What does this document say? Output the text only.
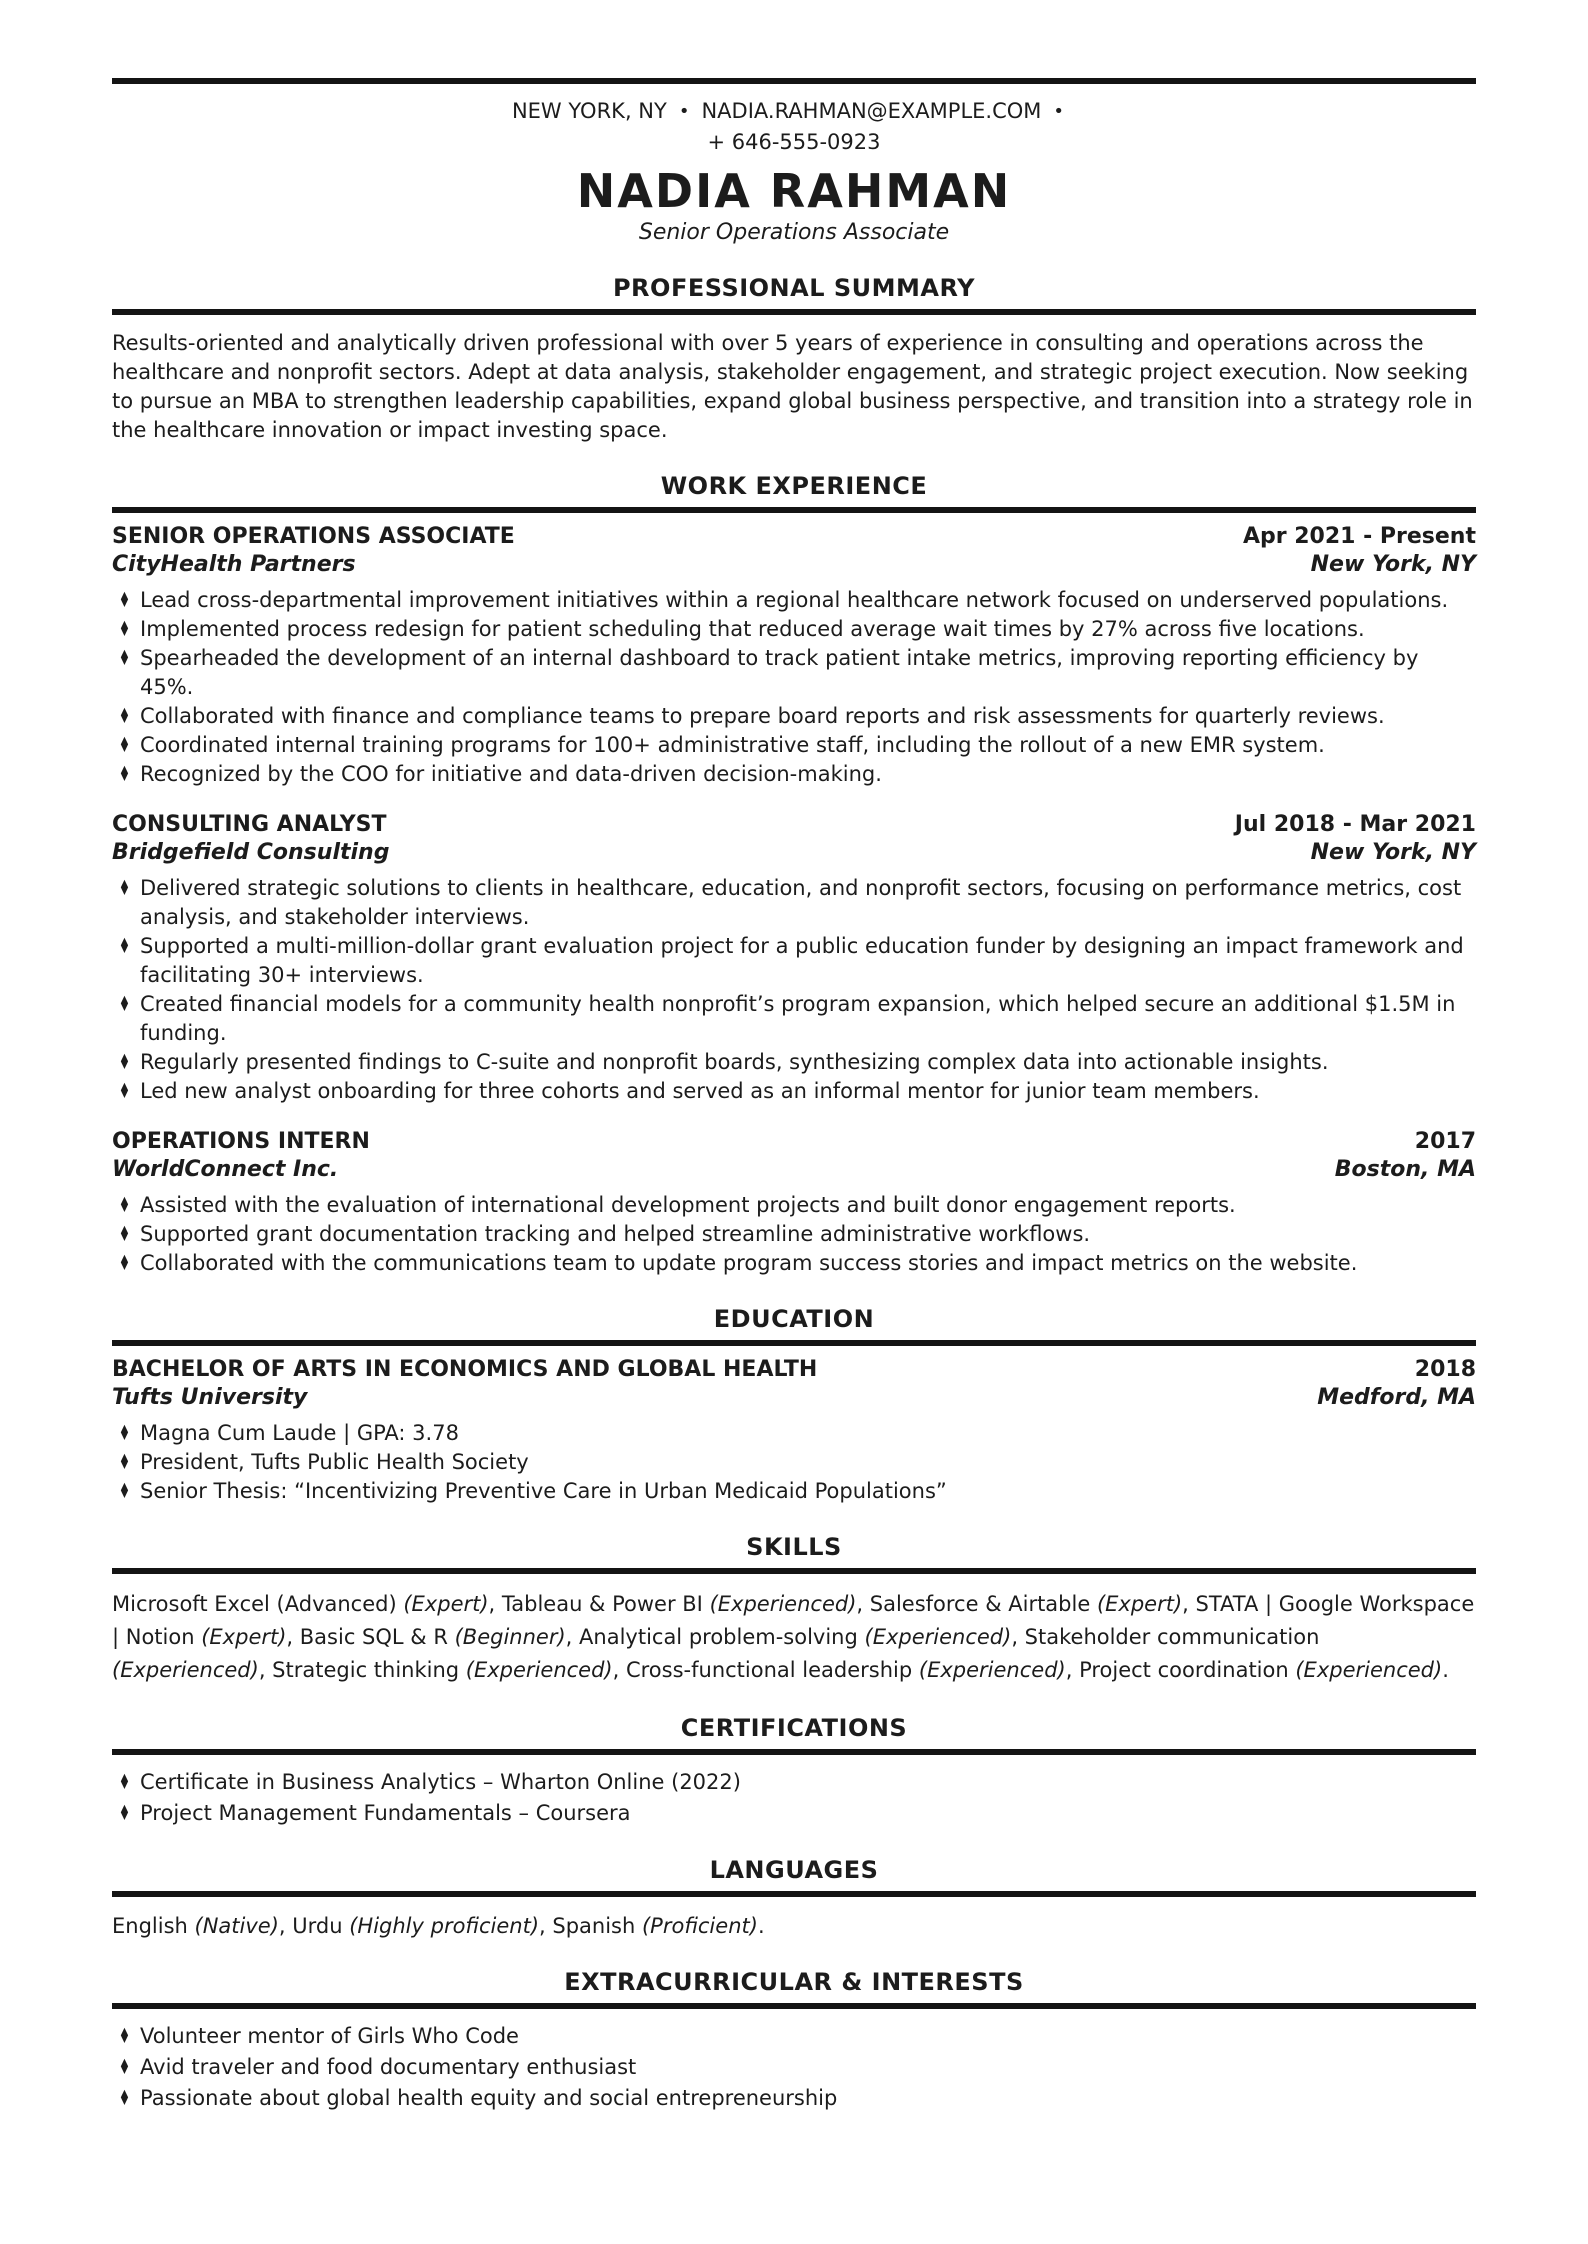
NEW YORK, NY • NADIA.RAHMAN@EXAMPLE.COM •
+ 646-555-0923
NADIA RAHMAN
Senior Operations Associate
PROFESSIONAL SUMMARY

Results-oriented and analytically driven professional with over 5 years of experience in consulting and operations across the healthcare and nonprofit sectors. Adept at data analysis, stakeholder engagement, and strategic project execution. Now seeking to pursue an MBA to strengthen leadership capabilities, expand global business perspective, and transition into a strategy role in the healthcare innovation or impact investing space.

WORK EXPERIENCE
SENIOR OPERATIONS ASSOCIATE	Apr 2021 - Present
CityHealth Partners	New York, NY
♦ Lead cross-departmental improvement initiatives within a regional healthcare network focused on underserved populations.
♦ Implemented process redesign for patient scheduling that reduced average wait times by 27% across five locations.
♦ Spearheaded the development of an internal dashboard to track patient intake metrics, improving reporting efficiency by 45%.
♦ Collaborated with finance and compliance teams to prepare board reports and risk assessments for quarterly reviews.
♦ Coordinated internal training programs for 100+ administrative staff, including the rollout of a new EMR system.
♦ Recognized by the COO for initiative and data-driven decision-making.
CONSULTING ANALYST	Jul 2018 - Mar 2021
Bridgefield Consulting	New York, NY
♦ Delivered strategic solutions to clients in healthcare, education, and nonprofit sectors, focusing on performance metrics, cost analysis, and stakeholder interviews.
♦ Supported a multi-million-dollar grant evaluation project for a public education funder by designing an impact framework and facilitating 30+ interviews.
♦ Created financial models for a community health nonprofit’s program expansion, which helped secure an additional $1.5M in funding.
♦ Regularly presented findings to C-suite and nonprofit boards, synthesizing complex data into actionable insights.
♦ Led new analyst onboarding for three cohorts and served as an informal mentor for junior team members.
OPERATIONS INTERN	2017
WorldConnect Inc.	Boston, MA
♦ Assisted with the evaluation of international development projects and built donor engagement reports.
♦ Supported grant documentation tracking and helped streamline administrative workflows.
♦ Collaborated with the communications team to update program success stories and impact metrics on the website.
EDUCATION
BACHELOR OF ARTS IN ECONOMICS AND GLOBAL HEALTH	2018
Tufts University	Medford, MA
♦ Magna Cum Laude | GPA: 3.78
♦ President, Tufts Public Health Society
♦ Senior Thesis: “Incentivizing Preventive Care in Urban Medicaid Populations”
SKILLS

Microsoft Excel (Advanced) (Expert), Tableau & Power BI (Experienced), Salesforce & Airtable (Expert), STATA | Google Workspace | Notion (Expert), Basic SQL & R (Beginner), Analytical problem-solving (Experienced), Stakeholder communication (Experienced), Strategic thinking (Experienced), Cross-functional leadership (Experienced), Project coordination (Experienced).

CERTIFICATIONS
♦ Certificate in Business Analytics – Wharton Online (2022)
♦ Project Management Fundamentals – Coursera
LANGUAGES

English (Native), Urdu (Highly proficient), Spanish (Proficient).

EXTRACURRICULAR & INTERESTS
♦ Volunteer mentor of Girls Who Code
♦ Avid traveler and food documentary enthusiast
♦ Passionate about global health equity and social entrepreneurship
